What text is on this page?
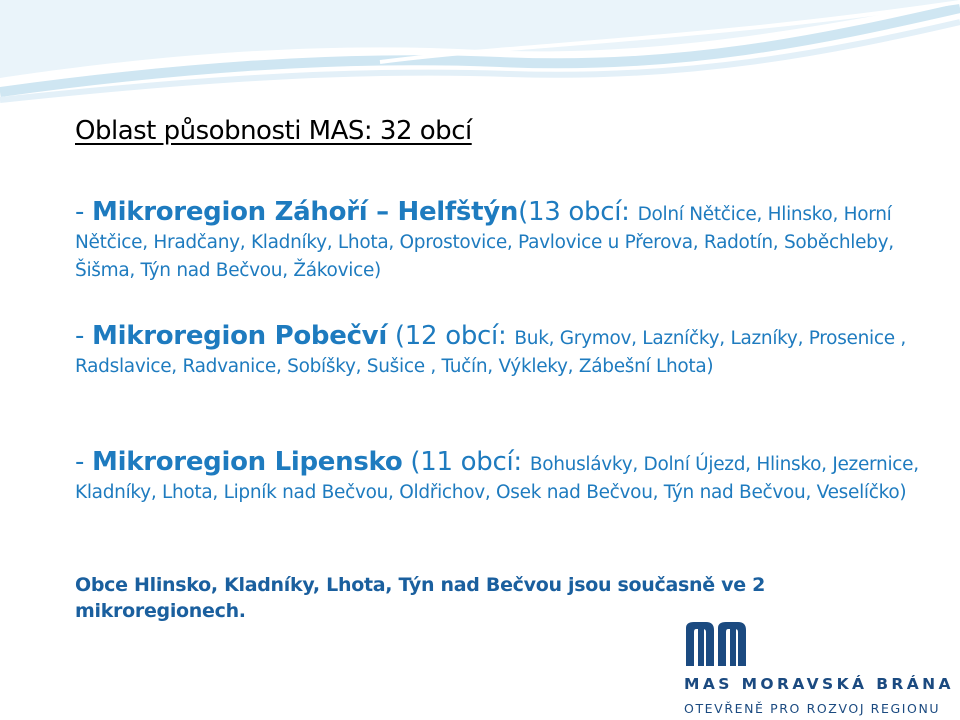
Oblast působnosti MAS: 32 obcí
- Mikroregion Záhoří – Helfštýn(13 obcí: Dolní Nětčice, Hlinsko, Horní Nětčice, Hradčany, Kladníky, Lhota, Oprostovice, Pavlovice u Přerova, Radotín, Soběchleby, Šišma, Týn nad Bečvou, Žákovice)
- Mikroregion Pobečví (12 obcí: Buk, Grymov, Lazníčky, Lazníky, Prosenice , Radslavice, Radvanice, Sobíšky, Sušice , Tučín, Výkleky, Zábešní Lhota)
- Mikroregion Lipensko (11 obcí: Bohuslávky, Dolní Újezd, Hlinsko, Jezernice, Kladníky, Lhota, Lipník nad Bečvou, Oldřichov, Osek nad Bečvou, Týn nad Bečvou, Veselíčko)
Obce Hlinsko, Kladníky, Lhota, Týn nad Bečvou jsou současně ve 2 mikroregionech.
MAS MORAVSKÁ BRÁNA
OTEVŘENĚ PRO ROZVOJ REGIONU
